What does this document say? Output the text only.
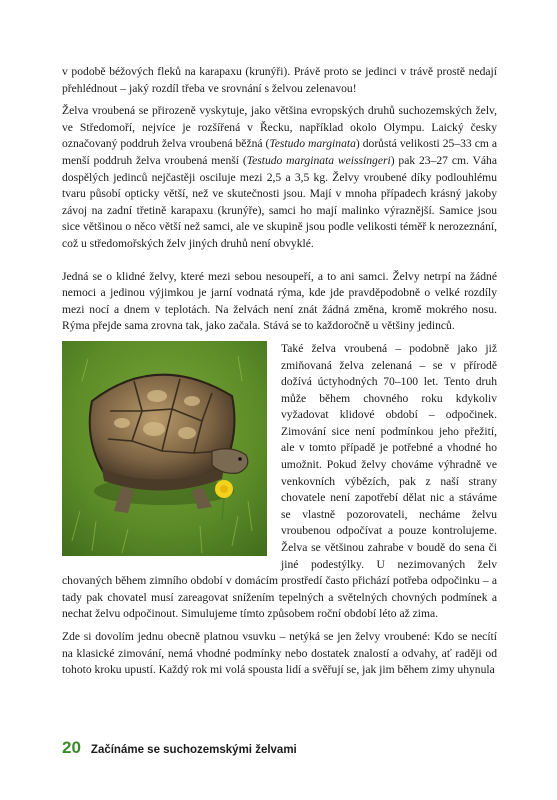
v podobě béžových fleků na karapaxu (krunýři). Právě proto se jedinci v trávě prostě nedají přehlédnout – jaký rozdíl třeba ve srovnání s želvou zelenavou!

Želva vroubená se přirozeně vyskytuje, jako většina evropských druhů suchozemských želv, ve Středomoří, nejvíce je rozšířená v Řecku, například okolo Olympu. Laický česky označovaný poddruh želva vroubená běžná (Testudo marginata) dorůstá velikosti 25–33 cm a menší poddruh želva vroubená menší (Testudo marginata weissingeri) pak 23–27 cm. Váha dospělých jedinců nejčastěji osciluje mezi 2,5 a 3,5 kg. Želvy vroubené díky podlouhlému tvaru působí opticky větší, než ve skutečnosti jsou. Mají v mnoha případech krásný jakoby závoj na zadní třetině karapaxu (krunýře), samci ho mají malinko výraznější. Samice jsou sice většinou o něco větší než samci, ale ve skupině jsou podle velikosti téměř k nerozeznání, což u středomořských želv jiných druhů není obvyklé.

Jedná se o klidné želvy, které mezi sebou nesoupeří, a to ani samci. Želvy netrpí na žádné nemoci a jedinou výjimkou je jarní vodnatá rýma, kde jde pravděpodobně o velké rozdíly mezi nocí a dnem v teplotách. Na želvách není znát žádná změna, kromě mokrého nosu. Rýma přejde sama zrovna tak, jako začala. Stává se to každoročně u většiny jedinců.

Také želva vroubená – podobně jako již zmiňovaná želva zelenaná – se v přírodě dožívá úctyhodných 70–100 let. Tento druh může během chovného roku kdykoliv vyžadovat klidové období – odpočinek. Zimování sice není podmínkou jeho přežití, ale v tomto případě je potřebné a vhodné ho umožnit. Pokud želvy chováme výhradně ve venkovních výbězích, pak z naší strany chovatele není zapotřebí dělat nic a stáváme se vlastně pozorovateli, necháme želvu vroubenou odpočívat a pouze kontrolujeme. Želva se většinou zahrabe v boudě do sena či jiné podestýlky. U nezimovaných želv chovaných během zimního období v domácím prostředí často přichází potřeba odpočinku – a tady pak chovatel musí zareagovat snížením tepelných a světelných chovných podmínek a nechat želvu odpočinout. Simulujeme tímto způsobem roční období léto až zima.

Zde si dovolím jednu obecně platnou vsuvku – netýká se jen želvy vroubené: Kdo se necítí na klasické zimování, nemá vhodné podmínky nebo dostatek znalostí a odvahy, ať raději od tohoto kroku upustí. Každý rok mi volá spousta lidí a svěřují se, jak jim během zimy uhynula

20 Začínáme se suchozemskými želvami
